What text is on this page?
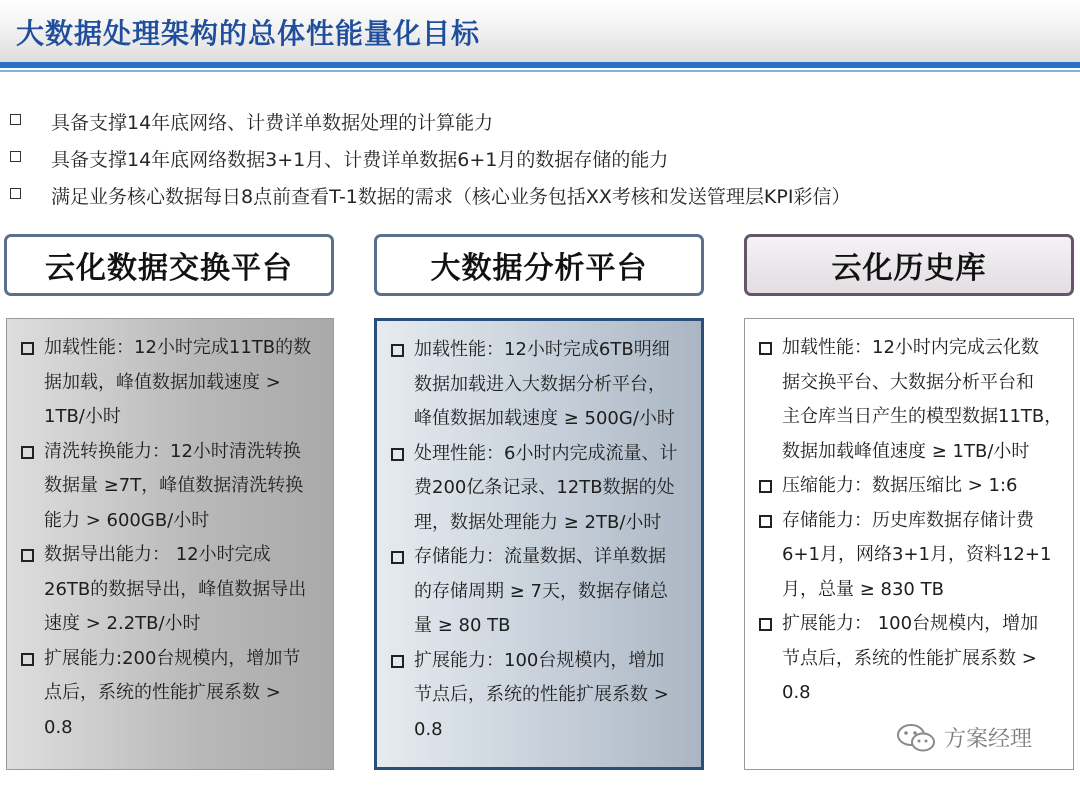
大数据处理架构的总体性能量化目标
具备支撑14年底网络、计费详单数据处理的计算能力
具备支撑14年底网络数据3+1月、计费详单数据6+1月的数据存储的能力
满足业务核心数据每日8点前查看T-1数据的需求（核心业务包括XX考核和发送管理层KPI彩信）
云化数据交换平台	大数据分析平台	云化历史库
加载性能：12小时完成11TB的数
据加载，峰值数据加载速度 >
1TB/小时
清洗转换能力：12小时清洗转换
数据量 ≥7T，峰值数据清洗转换
能力 > 600GB/小时
数据导出能力： 12小时完成
26TB的数据导出，峰值数据导出
速度 > 2.2TB/小时
扩展能力:200台规模内，增加节
点后，系统的性能扩展系数 >
0.8
加载性能：12小时完成6TB明细
数据加载进入大数据分析平台，
峰值数据加载速度 ≥ 500G/小时
处理性能：6小时内完成流量、计
费200亿条记录、12TB数据的处
理，数据处理能力 ≥ 2TB/小时
存储能力：流量数据、详单数据
的存储周期 ≥ 7天，数据存储总
量 ≥ 80 TB
扩展能力：100台规模内，增加
节点后，系统的性能扩展系数 >
0.8
加载性能：12小时内完成云化数
据交换平台、大数据分析平台和
主仓库当日产生的模型数据11TB，
数据加载峰值速度 ≥ 1TB/小时
压缩能力：数据压缩比 > 1:6
存储能力：历史库数据存储计费
6+1月，网络3+1月，资料12+1
月，总量 ≥ 830 TB
扩展能力： 100台规模内，增加
节点后，系统的性能扩展系数 >
0.8
方案经理
